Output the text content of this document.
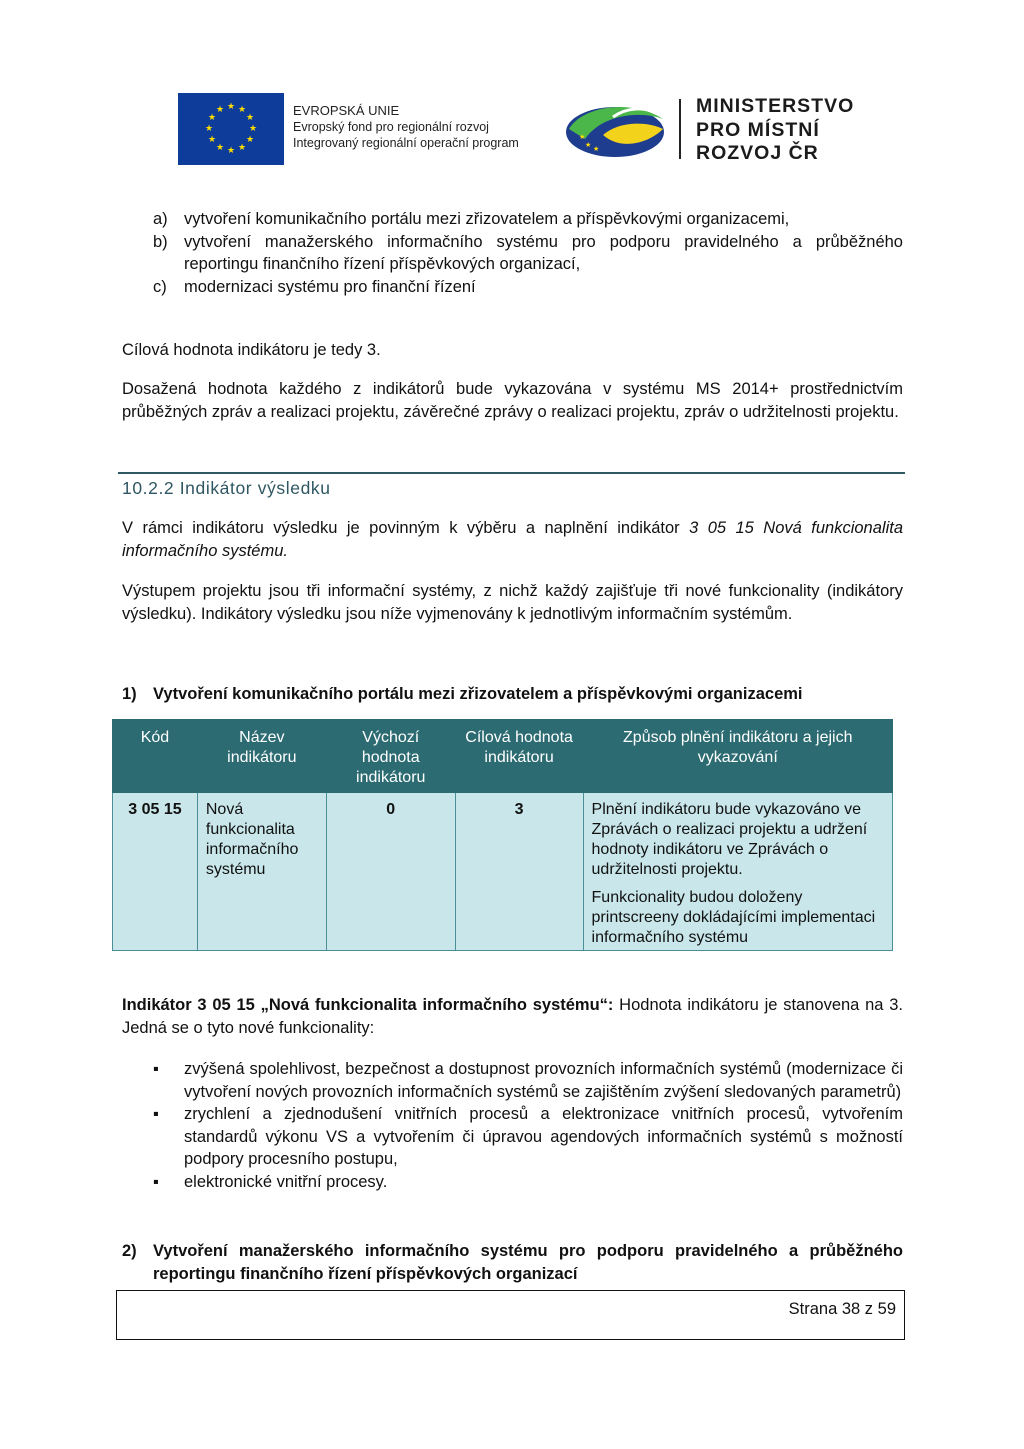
★ ★
★
★
★
★
★
★
★
★
★
★	EVROPSKÁ UNIE
Evropský fond pro regionální rozvoj
Integrovaný regionální operační program	★
★ ★
MINISTERSTVO
PRO MÍSTNÍ
ROZVOJ ČR
a) vytvoření komunikačního portálu mezi zřizovatelem a příspěvkovými organizacemi,
b) vytvoření manažerského informačního systému pro podporu pravidelného a průběžného reportingu finančního řízení příspěvkových organizací,
c) modernizaci systému pro finanční řízení
Cílová hodnota indikátoru je tedy 3.
Dosažená hodnota každého z indikátorů bude vykazována v systému MS 2014+ prostřednictvím průběžných zpráv a realizaci projektu, závěrečné zprávy o realizaci projektu, zpráv o udržitelnosti projektu.
10.2.2 Indikátor výsledku
V rámci indikátoru výsledku je povinným k výběru a naplnění indikátor 3 05 15 Nová funkcionalita informačního systému.
Výstupem projektu jsou tři informační systémy, z nichž každý zajišťuje tři nové funkcionality (indikátory výsledku). Indikátory výsledku jsou níže vyjmenovány k jednotlivým informačním systémům.
1) Vytvoření komunikačního portálu mezi zřizovatelem a příspěvkovými organizacemi
Kód	Název indikátoru	Výchozí hodnota indikátoru	Cílová hodnota indikátoru	Způsob plnění indikátoru a jejich vykazování
3 05 15	Nová funkcionalita informačního systému	0	3	Plnění indikátoru bude vykazováno ve Zprávách o realizaci projektu a udržení hodnoty indikátoru ve Zprávách o udržitelnosti projektu.

Funkcionality budou doloženy printscreeny dokládajícími implementaci informačního systému

Indikátor 3 05 15 „Nová funkcionalita informačního systému“: Hodnota indikátoru je stanovena na 3. Jedná se o tyto nové funkcionality:
▪ zvýšená spolehlivost, bezpečnost a dostupnost provozních informačních systémů (modernizace či vytvoření nových provozních informačních systémů se zajištěním zvýšení sledovaných parametrů)
▪ zrychlení a zjednodušení vnitřních procesů a elektronizace vnitřních procesů, vytvořením standardů výkonu VS a vytvořením či úpravou agendových informačních systémů s možností podpory procesního postupu,
▪ elektronické vnitřní procesy.
2) Vytvoření manažerského informačního systému pro podporu pravidelného a průběžného reportingu finančního řízení příspěvkových organizací
Strana 38 z 59
